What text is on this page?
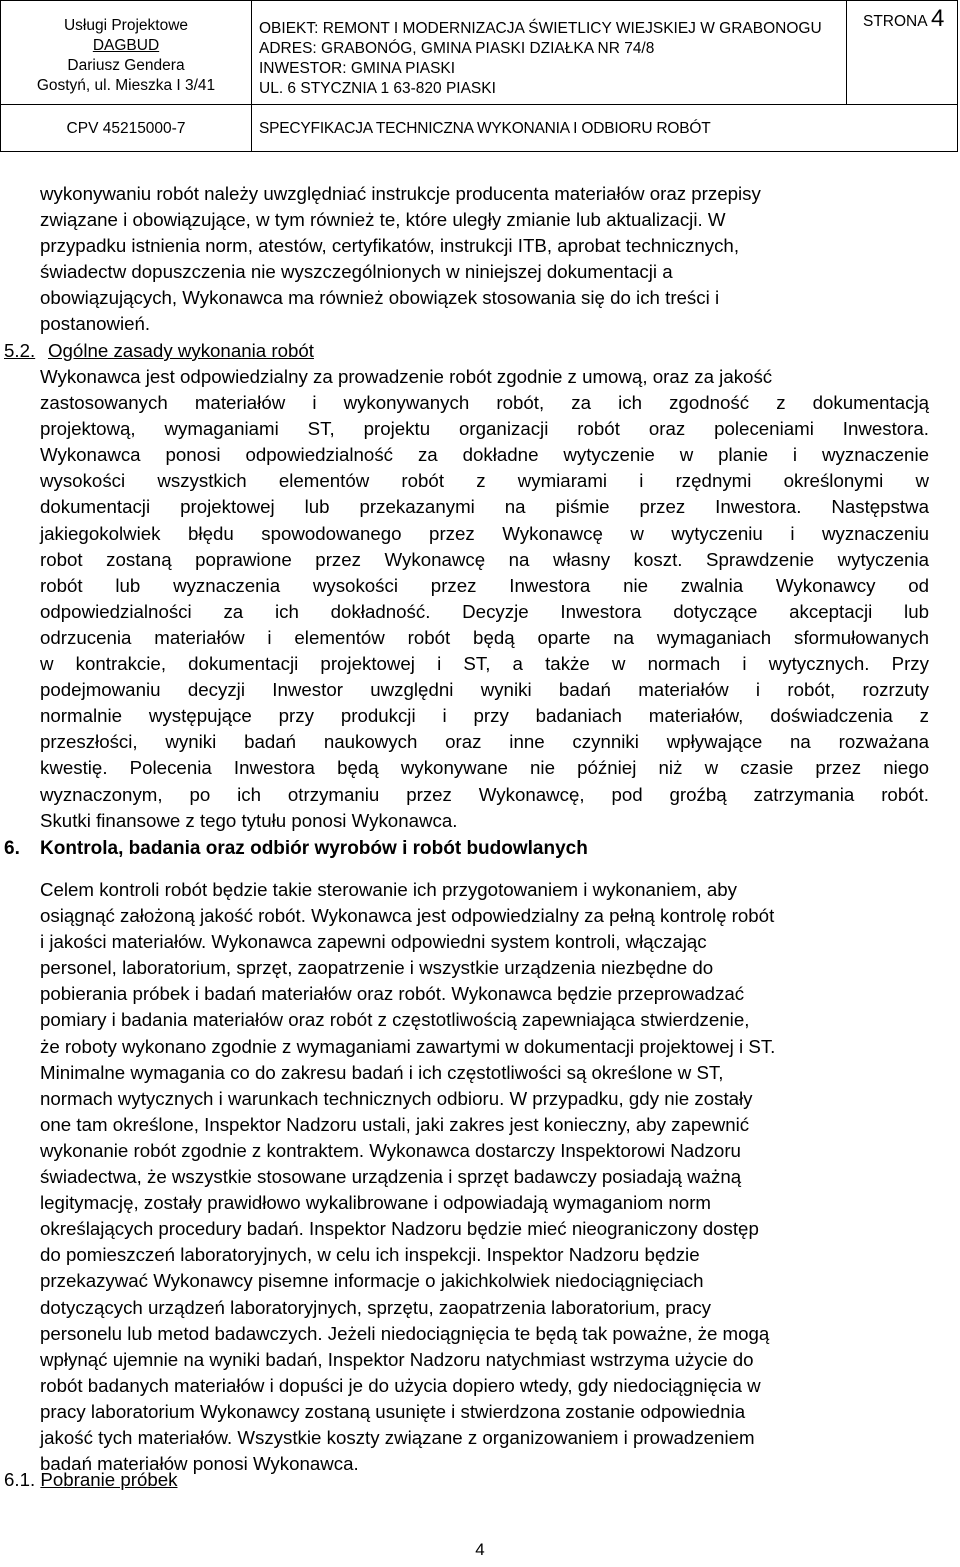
Usługi Projektowe
DAGBUD
Dariusz Gendera
Gostyń, ul. Mieszka I 3/41
OBIEKT: REMONT I MODERNIZACJA ŚWIETLICY WIEJSKIEJ W GRABONOGU
ADRES: GRABONÓG, GMINA PIASKI DZIAŁKA NR 74/8
INWESTOR: GMINA PIASKI
UL. 6 STYCZNIA 1 63-820 PIASKI
STRONA 4
CPV 45215000-7	SPECYFIKACJA TECHNICZNA WYKONANIA I ODBIORU ROBÓT
wykonywaniu robót należy uwzględniać instrukcje producenta materiałów oraz przepisy
związane i obowiązujące, w tym również te, które uległy zmianie lub aktualizacji. W
przypadku istnienia norm, atestów, certyfikatów, instrukcji ITB, aprobat technicznych,
świadectw dopuszczenia nie wyszczególnionych w niniejszej dokumentacji a
obowiązujących, Wykonawca ma również obowiązek stosowania się do ich treści i
postanowień.
5.2. Ogólne zasady wykonania robót
Wykonawca jest odpowiedzialny za prowadzenie robót zgodnie z umową, oraz za jakość
zastosowanych materiałów i wykonywanych robót, za ich zgodność z dokumentacją
projektową, wymaganiami ST, projektu organizacji robót oraz poleceniami Inwestora.
Wykonawca ponosi odpowiedzialność za dokładne wytyczenie w planie i wyznaczenie
wysokości wszystkich elementów robót z wymiarami i rzędnymi określonymi w
dokumentacji projektowej lub przekazanymi na piśmie przez Inwestora. Następstwa
jakiegokolwiek błędu spowodowanego przez Wykonawcę w wytyczeniu i wyznaczeniu
robot zostaną poprawione przez Wykonawcę na własny koszt. Sprawdzenie wytyczenia
robót lub wyznaczenia wysokości przez Inwestora nie zwalnia Wykonawcy od
odpowiedzialności za ich dokładność. Decyzje Inwestora dotyczące akceptacji lub
odrzucenia materiałów i elementów robót będą oparte na wymaganiach sformułowanych
w kontrakcie, dokumentacji projektowej i ST, a także w normach i wytycznych. Przy
podejmowaniu decyzji Inwestor uwzględni wyniki badań materiałów i robót, rozrzuty
normalnie występujące przy produkcji i przy badaniach materiałów, doświadczenia z
przeszłości, wyniki badań naukowych oraz inne czynniki wpływające na rozważana
kwestię. Polecenia Inwestora będą wykonywane nie później niż w czasie przez niego
wyznaczonym, po ich otrzymaniu przez Wykonawcę, pod groźbą zatrzymania robót.
Skutki finansowe z tego tytułu ponosi Wykonawca.
6. Kontrola, badania oraz odbiór wyrobów i robót budowlanych
Celem kontroli robót będzie takie sterowanie ich przygotowaniem i wykonaniem, aby
osiągnąć założoną jakość robót. Wykonawca jest odpowiedzialny za pełną kontrolę robót
i jakości materiałów. Wykonawca zapewni odpowiedni system kontroli, włączając
personel, laboratorium, sprzęt, zaopatrzenie i wszystkie urządzenia niezbędne do
pobierania próbek i badań materiałów oraz robót. Wykonawca będzie przeprowadzać
pomiary i badania materiałów oraz robót z częstotliwością zapewniająca stwierdzenie,
że roboty wykonano zgodnie z wymaganiami zawartymi w dokumentacji projektowej i ST.
Minimalne wymagania co do zakresu badań i ich częstotliwości są określone w ST,
normach wytycznych i warunkach technicznych odbioru. W przypadku, gdy nie zostały
one tam określone, Inspektor Nadzoru ustali, jaki zakres jest konieczny, aby zapewnić
wykonanie robót zgodnie z kontraktem. Wykonawca dostarczy Inspektorowi Nadzoru
świadectwa, że wszystkie stosowane urządzenia i sprzęt badawczy posiadają ważną
legitymację, zostały prawidłowo wykalibrowane i odpowiadają wymaganiom norm
określających procedury badań. Inspektor Nadzoru będzie mieć nieograniczony dostęp
do pomieszczeń laboratoryjnych, w celu ich inspekcji. Inspektor Nadzoru będzie
przekazywać Wykonawcy pisemne informacje o jakichkolwiek niedociągnięciach
dotyczących urządzeń laboratoryjnych, sprzętu, zaopatrzenia laboratorium, pracy
personelu lub metod badawczych. Jeżeli niedociągnięcia te będą tak poważne, że mogą
wpłynąć ujemnie na wyniki badań, Inspektor Nadzoru natychmiast wstrzyma użycie do
robót badanych materiałów i dopuści je do użycia dopiero wtedy, gdy niedociągnięcia w
pracy laboratorium Wykonawcy zostaną usunięte i stwierdzona zostanie odpowiednia
jakość tych materiałów. Wszystkie koszty związane z organizowaniem i prowadzeniem
badań materiałów ponosi Wykonawca.
6.1. Pobranie próbek
4
